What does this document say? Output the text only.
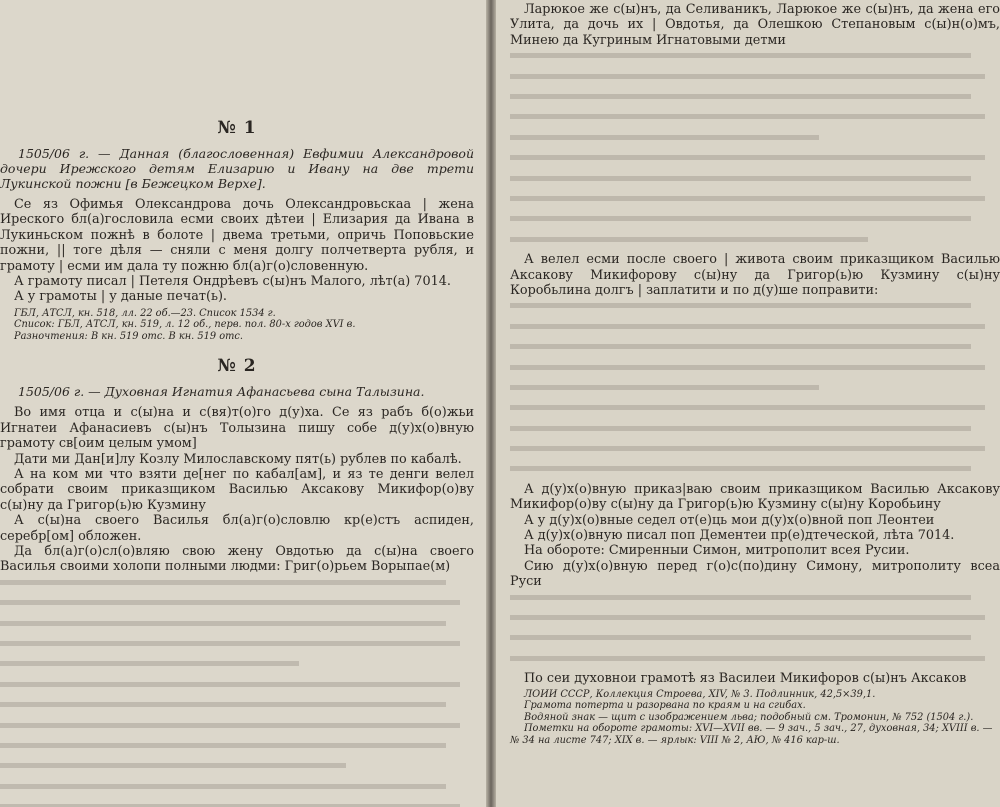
№ 1

1505/06 г. — Данная (благословенная) Евфимии Александровой дочери Ирежского детям Елизарию и Ивану на две трети Лукинской пожни [в Бежецком Верхе].

Се яз Офимья Олександрова дочь Олександровьскаа | жена Иреского бл(а)гословила есми своих дѣтеи | Елизария да Ивана в Лукиньском пожнѣ в болоте | двема третьми, опричь Поповьские пожни, || тоге дѣля — сняли с меня долгу полчетверта рубля, и грамоту | есми им дала ту пожню бл(а)г(о)словенную.

А грамоту писал | Петеля Ондрѣевъ с(ы)нъ Малого, лѣт(а) 7014.

А у грамоты | у даные печат(ь).

ГБЛ, АТСЛ, кн. 518, лл. 22 об.—23. Список 1534 г.

Список: ГБЛ, АТСЛ, кн. 519, л. 12 об., перв. пол. 80-х годов XVI в.

Разночтения: В кн. 519 отс. В кн. 519 отс.

№ 2

1505/06 г. — Духовная Игнатия Афанасьева сына Талызина.

Во имя отца и с(ы)на и с(вя)т(о)го д(у)ха. Се яз рабъ б(о)жьи Игнатеи Афанасиевъ с(ы)нъ Толызина пишу собе д(у)х(о)вную грамоту св[оим целым умом]

Дати ми Дан[и]лу Козлу Милославскому пят(ь) рублев по кабалѣ.

А на ком ми что взяти де[нег по кабал[ам], и яз те денги велел собрати своим приказщиком Василью Аксакову Микифор(о)ву с(ы)ну да Григор(ь)ю Кузмину

А с(ы)на своего Василья бл(а)г(о)словлю кр(е)стъ аспиден, серебр[ом] обложен.

Да бл(а)г(о)сл(о)вляю свою жену Овдотью да с(ы)на своего Василья своими холопи полными людми: Григ(о)рьем Ворыпае(м)

Ларюкое же с(ы)нъ, да Селиваникъ, Ларюкое же с(ы)нъ, да жена его Улита, да дочь их | Овдотья, да Олешкою Степановым с(ы)н(о)мъ, Минею да Кугриным Игнатовыми детми

А велел есми после своего | живота своим приказщиком Василью Аксакову Микифорову с(ы)ну да Григор(ь)ю Кузмину с(ы)ну Коробьлина долгъ | заплатити и по д(у)ше поправити:

А д(у)х(о)вную приказ|ваю своим приказщиком Василью Аксакову Микифор(о)ву с(ы)ну да Григор(ь)ю Кузмину с(ы)ну Коробьину

А у д(у)х(о)вные седел от(е)ць мои д(у)х(о)вной поп Леонтеи

А д(у)х(о)вную писал поп Дементеи пр(е)дтеческой, лѣта 7014.

На обороте: Смиренныи Симон, митрополит всея Русии.

Сию д(у)х(о)вную перед г(о)с(по)дину Симону, митрополиту всеа Руси

По сеи духовнои грамотѣ яз Василеи Микифоров с(ы)нъ Аксаков

ЛОИИ СССР, Коллекция Строева, XIV, № 3. Подлинник, 42,5×39,1.

Грамота потерта и разорвана по краям и на сгибах.

Водяной знак — щит с изображением льва; подобный см. Тромонин, № 752 (1504 г.).

Пометки на обороте грамоты: XVI—XVII вв. — 9 зач., 5 зач., 27, духовная, 34; XVIII в. — № 34 на листе 747; XIX в. — ярлык: VIII № 2, АЮ, № 416 кар-ш.
